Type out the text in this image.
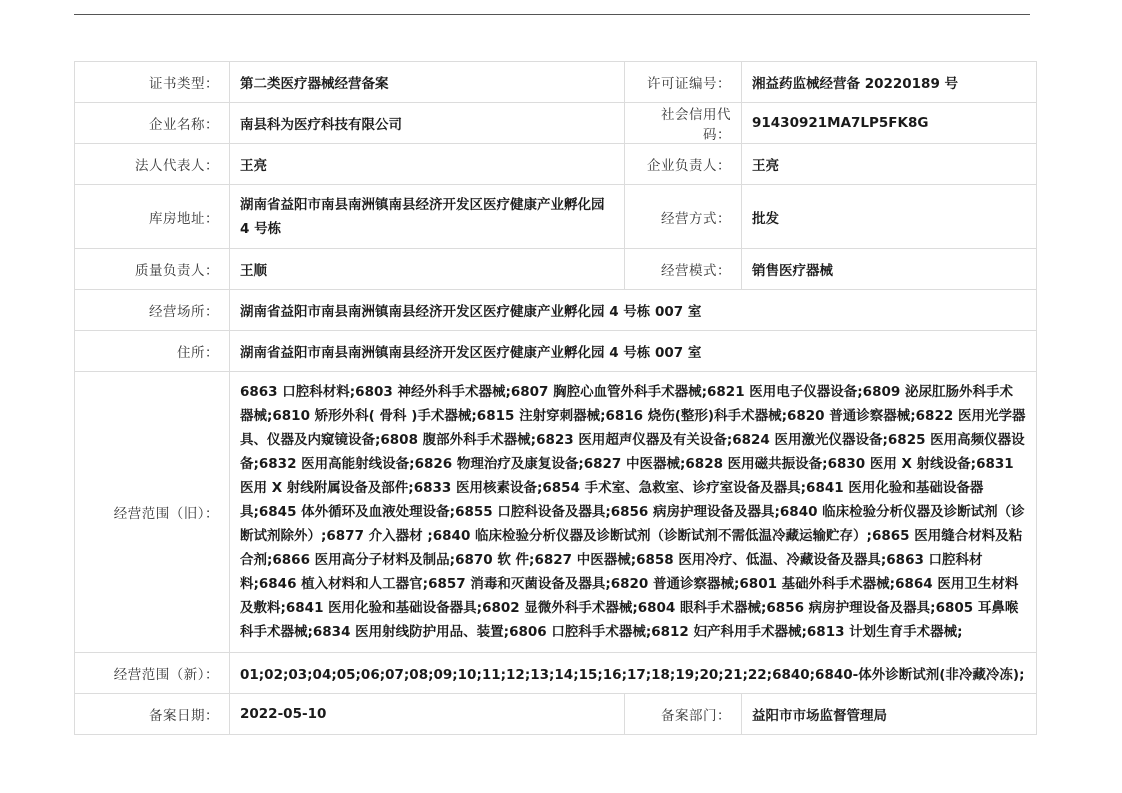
证书类型：	第二类医疗器械经营备案	许可证编号：	湘益药监械经营备 20220189 号
企业名称：	南县科为医疗科技有限公司	社会信用代码：	91430921MA7LP5FK8G
法人代表人：	王亮	企业负责人：	王亮
库房地址：	湖南省益阳市南县南洲镇南县经济开发区医疗健康产业孵化园 4 号栋	经营方式：	批发
质量负责人：	王顺	经营模式：	销售医疗器械
经营场所：	湖南省益阳市南县南洲镇南县经济开发区医疗健康产业孵化园 4 号栋 007 室		
住所：	湖南省益阳市南县南洲镇南县经济开发区医疗健康产业孵化园 4 号栋 007 室		
经营范围（旧）：	6863 口腔科材料;6803 神经外科手术器械;6807 胸腔心血管外科手术器械;6821 医用电子仪器设备;6809 泌尿肛肠外科手术器械;6810 矫形外科( 骨科 )手术器械;6815 注射穿刺器械;6816 烧伤(整形)科手术器械;6820 普通诊察器械;6822 医用光学器具、仪器及内窥镜设备;6808 腹部外科手术器械;6823 医用超声仪器及有关设备;6824 医用激光仪器设备;6825 医用高频仪器设备;6832 医用高能射线设备;6826 物理治疗及康复设备;6827 中医器械;6828 医用磁共振设备;6830 医用 X 射线设备;6831 医用 X 射线附属设备及部件;6833 医用核素设备;6854 手术室、急救室、诊疗室设备及器具;6841 医用化验和基础设备器具;6845 体外循环及血液处理设备;6855 口腔科设备及器具;6856 病房护理设备及器具;6840 临床检验分析仪器及诊断试剂（诊断试剂除外）;6877 介入器材 ;6840 临床检验分析仪器及诊断试剂（诊断试剂不需低温冷藏运输贮存）;6865 医用缝合材料及粘合剂;6866 医用高分子材料及制品;6870 软 件;6827 中医器械;6858 医用冷疗、低温、冷藏设备及器具;6863 口腔科材料;6846 植入材料和人工器官;6857 消毒和灭菌设备及器具;6820 普通诊察器械;6801 基础外科手术器械;6864 医用卫生材料及敷料;6841 医用化验和基础设备器具;6802 显微外科手术器械;6804 眼科手术器械;6856 病房护理设备及器具;6805 耳鼻喉科手术器械;6834 医用射线防护用品、装置;6806 口腔科手术器械;6812 妇产科用手术器械;6813 计划生育手术器械;		
经营范围（新）：	01;02;03;04;05;06;07;08;09;10;11;12;13;14;15;16;17;18;19;20;21;22;6840;6840-体外诊断试剂(非冷藏冷冻);		
备案日期：	2022-05-10	备案部门：	益阳市市场监督管理局
